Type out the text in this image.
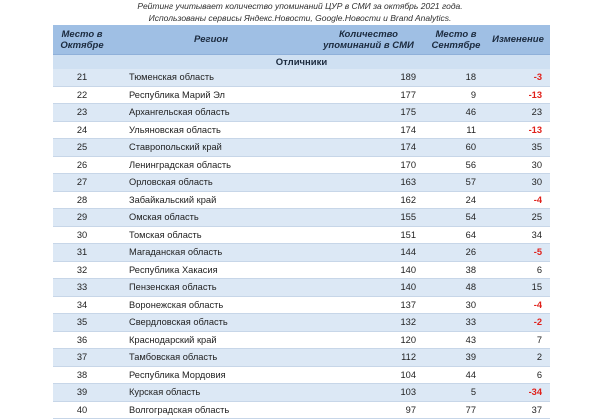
Рейтинг учитывает количество упоминаний ЦУР в СМИ за октябрь 2021 года.
Использованы сервисы Яндекс.Новости, Google.Новости и Brand Analytics.
Место в Октябре	Регион	Количество упоминаний в СМИ	Место в Сентябре	Изменение
Отличники				
21	Тюменская область	189	18	-3
22	Республика Марий Эл	177	9	-13
23	Архангельская область	175	46	23
24	Ульяновская область	174	11	-13
25	Ставропольский край	174	60	35
26	Ленинградская область	170	56	30
27	Орловская область	163	57	30
28	Забайкальский край	162	24	-4
29	Омская область	155	54	25
30	Томская область	151	64	34
31	Магаданская область	144	26	-5
32	Республика Хакасия	140	38	6
33	Пензенская область	140	48	15
34	Воронежская область	137	30	-4
35	Свердловская область	132	33	-2
36	Краснодарский край	120	43	7
37	Тамбовская область	112	39	2
38	Республика Мордовия	104	44	6
39	Курская область	103	5	-34
40	Волгоградская область	97	77	37
